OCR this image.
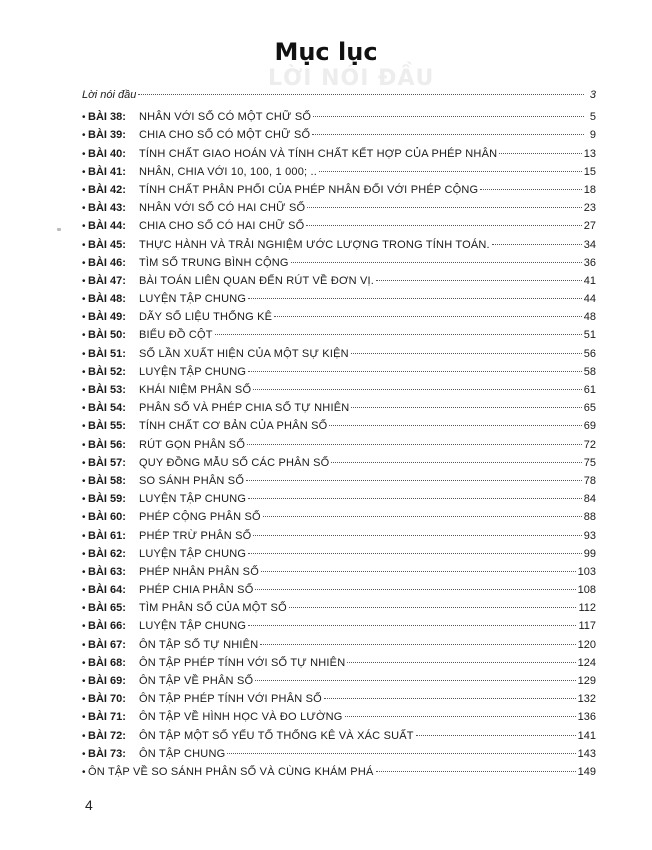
LỜI NÓI ĐẦU
Mục lục
Lời nói đầu	3
• BÀI 38:	NHÂN VỚI SỐ CÓ MỘT CHỮ SỐ	5
• BÀI 39:	CHIA CHO SỐ CÓ MỘT CHỮ SỐ	9
• BÀI 40:	TÍNH CHẤT GIAO HOÁN VÀ TÍNH CHẤT KẾT HỢP CỦA PHÉP NHÂN	13
• BÀI 41:	NHÂN, CHIA VỚI 10, 100, 1 000; ..	15
• BÀI 42:	TÍNH CHẤT PHÂN PHỐI CỦA PHÉP NHÂN ĐỐI VỚI PHÉP CỘNG	18
• BÀI 43:	NHÂN VỚI SỐ CÓ HAI CHỮ SỐ	23
• BÀI 44:	CHIA CHO SỐ CÓ HAI CHỮ SỐ	27
• BÀI 45:	THỰC HÀNH VÀ TRẢI NGHIỆM ƯỚC LƯỢNG TRONG TÍNH TOÁN.	34
• BÀI 46:	TÌM SỐ TRUNG BÌNH CỘNG	36
• BÀI 47:	BÀI TOÁN LIÊN QUAN ĐẾN RÚT VỀ ĐƠN VỊ.	41
• BÀI 48:	LUYỆN TẬP CHUNG	44
• BÀI 49:	DÃY SỐ LIỆU THỐNG KÊ	48
• BÀI 50:	BIỂU ĐỒ CỘT	51
• BÀI 51:	SỐ LẦN XUẤT HIỆN CỦA MỘT SỰ KIỆN	56
• BÀI 52:	LUYỆN TẬP CHUNG	58
• BÀI 53:	KHÁI NIỆM PHÂN SỐ	61
• BÀI 54:	PHÂN SỐ VÀ PHÉP CHIA SỐ TỰ NHIÊN	65
• BÀI 55:	TÍNH CHẤT CƠ BẢN CỦA PHÂN SỐ	69
• BÀI 56:	RÚT GỌN PHÂN SỐ	72
• BÀI 57:	QUY ĐỒNG MẪU SỐ CÁC PHÂN SỐ	75
• BÀI 58:	SO SÁNH PHÂN SỐ	78
• BÀI 59:	LUYỆN TẬP CHUNG	84
• BÀI 60:	PHÉP CỘNG PHÂN SỐ	88
• BÀI 61:	PHÉP TRỪ PHÂN SỐ	93
• BÀI 62:	LUYỆN TẬP CHUNG	99
• BÀI 63:	PHÉP NHÂN PHÂN SỐ	103
• BÀI 64:	PHÉP CHIA PHÂN SỐ	108
• BÀI 65:	TÌM PHÂN SỐ CỦA MỘT SỐ	112
• BÀI 66:	LUYỆN TẬP CHUNG	117
• BÀI 67:	ÔN TẬP SỐ TỰ NHIÊN	120
• BÀI 68:	ÔN TẬP PHÉP TÍNH VỚI SỐ TỰ NHIÊN	124
• BÀI 69:	ÔN TẬP VỀ PHÂN SỐ	129
• BÀI 70:	ÔN TẬP PHÉP TÍNH VỚI PHÂN SỐ	132
• BÀI 71:	ÔN TẬP VỀ HÌNH HỌC VÀ ĐO LƯỜNG	136
• BÀI 72:	ÔN TẬP MỘT SỐ YẾU TỐ THỐNG KÊ VÀ XÁC SUẤT	141
• BÀI 73:	ÔN TẬP CHUNG	143
• ÔN TẬP VỀ SO SÁNH PHÂN SỐ VÀ CÙNG KHÁM PHÁ	149
4
